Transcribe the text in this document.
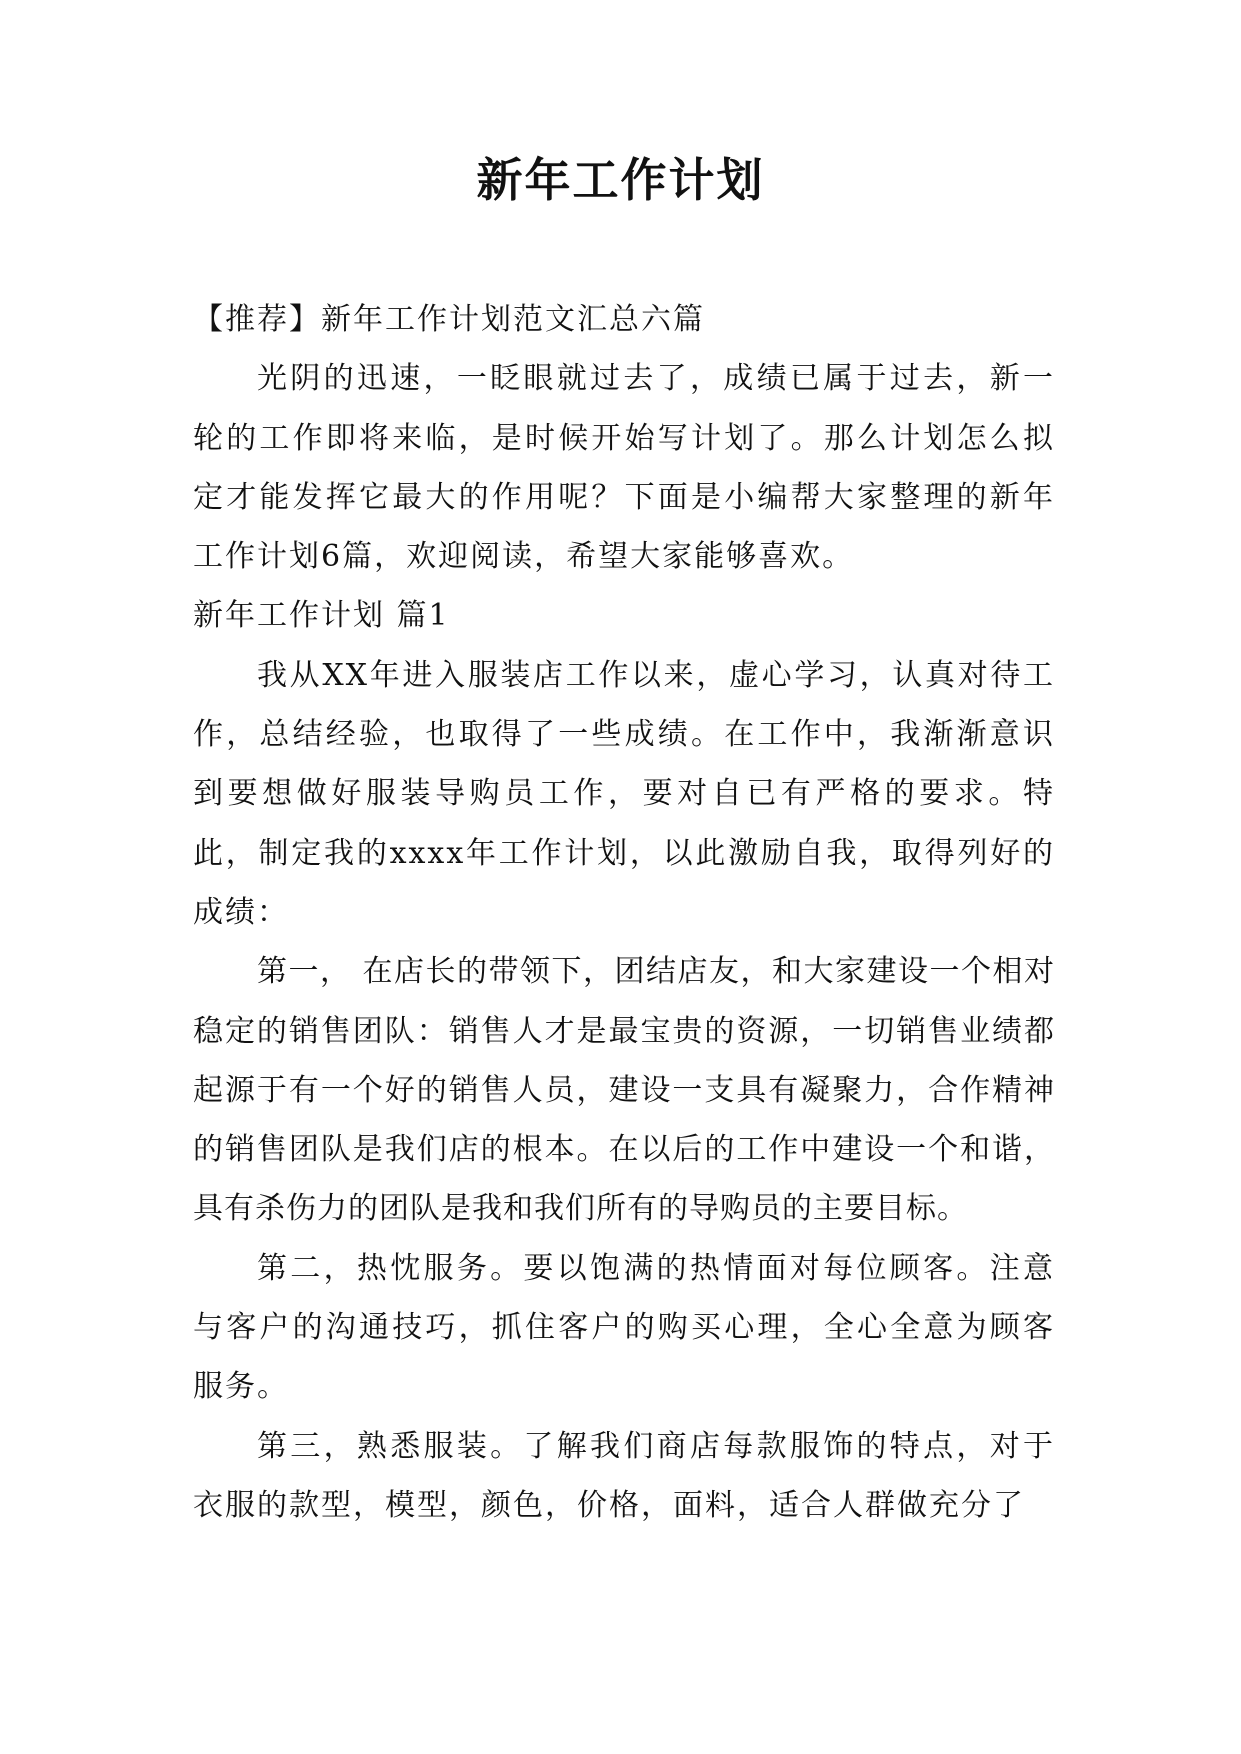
新年工作计划

【推荐】新年工作计划范文汇总六篇

光阴的迅速，一眨眼就过去了，成绩已属于过去，新一轮的工作即将来临，是时候开始写计划了。那么计划怎么拟定才能发挥它最大的作用呢？下面是小编帮大家整理的新年工作计划6篇，欢迎阅读，希望大家能够喜欢。

新年工作计划 篇1

我从XX年进入服装店工作以来，虚心学习，认真对待工作，总结经验，也取得了一些成绩。在工作中，我渐渐意识到要想做好服装导购员工作，要对自已有严格的要求。特此，制定我的xxxx年工作计划，以此激励自我，取得列好的成绩：

第一， 在店长的带领下，团结店友，和大家建设一个相对稳定的销售团队：销售人才是最宝贵的资源，一切销售业绩都起源于有一个好的销售人员，建设一支具有凝聚力，合作精神的销售团队是我们店的根本。在以后的工作中建设一个和谐，具有杀伤力的团队是我和我们所有的导购员的主要目标。

第二，热忱服务。要以饱满的热情面对每位顾客。注意与客户的沟通技巧，抓住客户的购买心理，全心全意为顾客服务。

第三，熟悉服装。了解我们商店每款服饰的特点，对于衣服的款型，模型，颜色，价格，面料，适合人群做充分了
